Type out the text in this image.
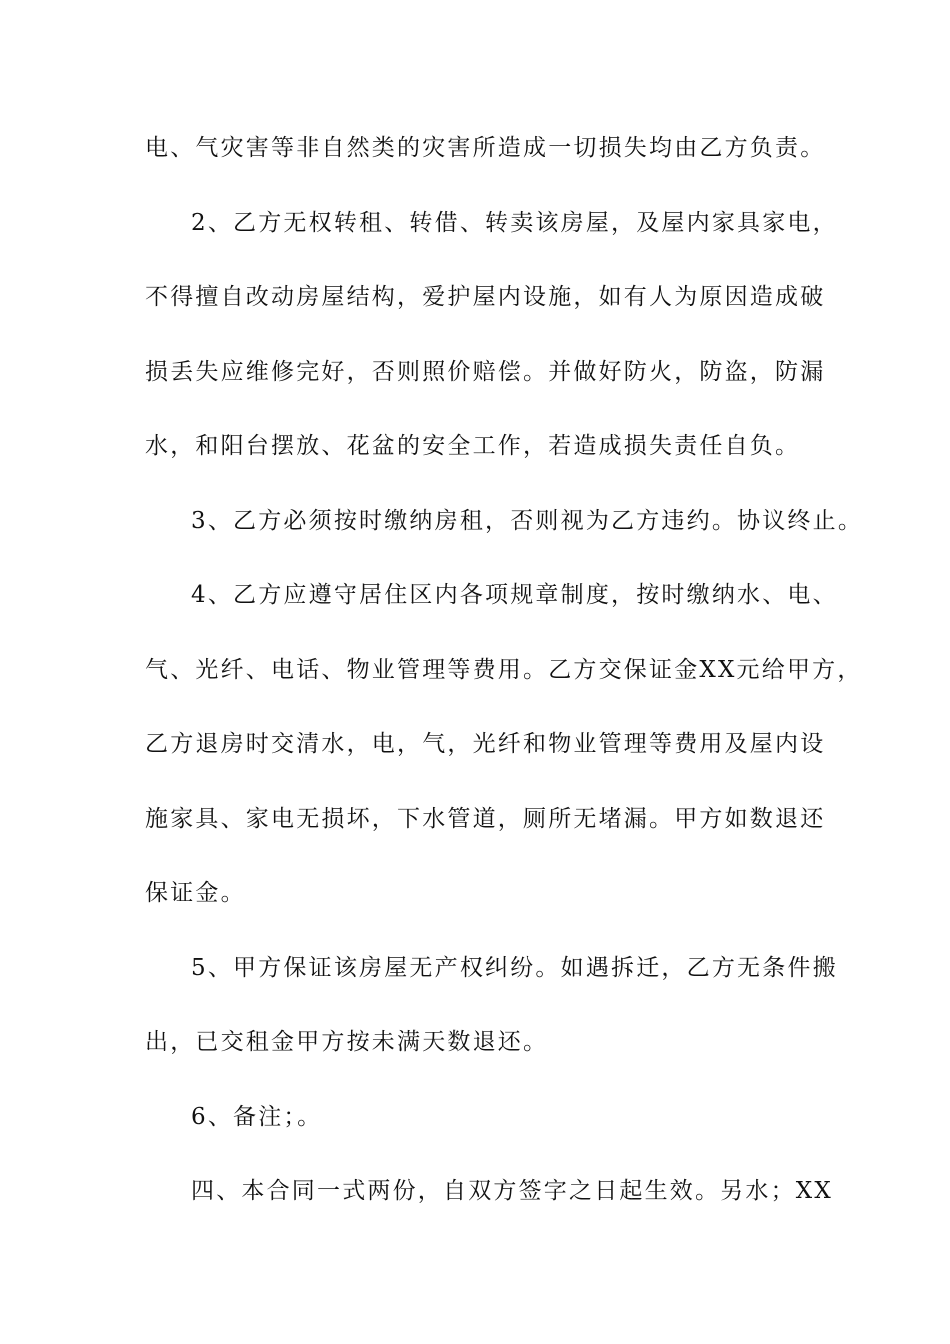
电、气灾害等非自然类的灾害所造成一切损失均由乙方负责。
2、乙方无权转租、转借、转卖该房屋，及屋内家具家电，
不得擅自改动房屋结构，爱护屋内设施，如有人为原因造成破
损丢失应维修完好，否则照价赔偿。并做好防火，防盗，防漏
水，和阳台摆放、花盆的安全工作，若造成损失责任自负。
3、乙方必须按时缴纳房租，否则视为乙方违约。协议终止。
4、乙方应遵守居住区内各项规章制度，按时缴纳水、电、
气、光纤、电话、物业管理等费用。乙方交保证金XX元给甲方，
乙方退房时交清水，电，气，光纤和物业管理等费用及屋内设
施家具、家电无损坏，下水管道，厕所无堵漏。甲方如数退还
保证金。
5、甲方保证该房屋无产权纠纷。如遇拆迁，乙方无条件搬
出，已交租金甲方按未满天数退还。
6、备注；。
四、本合同一式两份，自双方签字之日起生效。另水；XX
